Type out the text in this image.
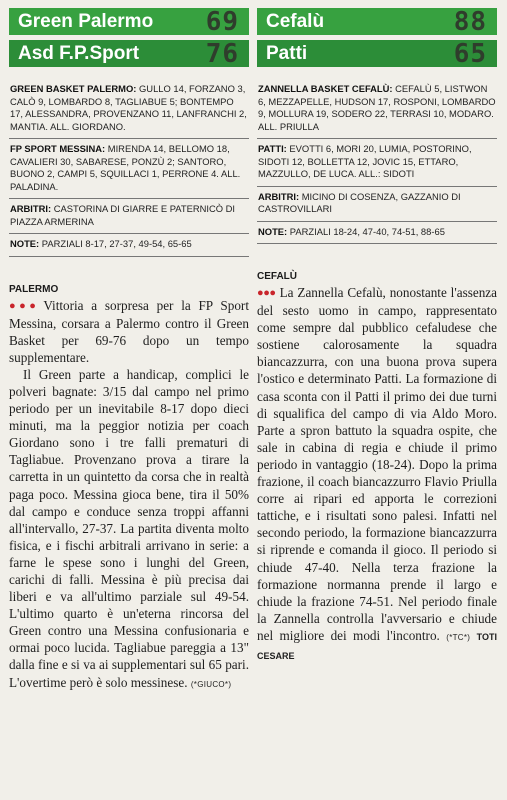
Green Palermo 69
Asd F.P.Sport	76
GREEN BASKET PALERMO: GULLO 14, FORZANO 3, CALÒ 9, LOMBARDO 8, TAGLIABUE 5; BONTEMPO 17, ALESSANDRA, PROVENZANO 11, LANFRANCHI 2, MANTIA. ALL. GIORDANO.
FP SPORT MESSINA: MIRENDA 14, BELLOMO 18, CAVALIERI 30, SABARESE, PONZÙ 2; SANTORO, BUONO 2, CAMPI 5, SQUILLACI 1, PERRONE 4. ALL. PALADINA.
ARBITRI: CASTORINA DI GIARRE E PATERNICÒ DI PIAZZA ARMERINA
NOTE: PARZIALI 8-17, 27-37, 49-54, 65-65
PALERMO

●●● Vittoria a sorpresa per la FP Sport Messina, corsara a Palermo contro il Green Basket per 69-76 dopo un tempo supplementare.

Il Green parte a handicap, complici le polveri bagnate: 3/15 dal campo nel primo periodo per un inevitabile 8-17 dopo dieci minuti, ma la peggior notizia per coach Giordano sono i tre falli prematuri di Tagliabue. Provenzano prova a tirare la carretta in un quintetto da corsa che in realtà paga poco. Messina gioca bene, tira il 50% dal campo e conduce senza troppi affanni all'intervallo, 27-37. La partita diventa molto fisica, e i fischi arbitrali arrivano in serie: a farne le spese sono i lunghi del Green, carichi di falli. Messina è più precisa dai liberi e va all'ultimo parziale sul 49-54. L'ultimo quarto è un'eterna rincorsa del Green contro una Messina confusionaria e ormai poco lucida. Tagliabue pareggia a 13" dalla fine e si va ai supplementari sul 65 pari. L'overtime però è solo messinese. (*GIUCO*)

Cefalù	88
Patti	65
ZANNELLA BASKET CEFALÙ: CEFALÙ 5, LISTWON 6, MEZZAPELLE, HUDSON 17, ROSPONI, LOMBARDO 9, MOLLURA 19, SODERO 22, TERRASI 10, MODARO. ALL. PRIULLA
PATTI: EVOTTI 6, MORI 20, LUMIA, POSTORINO, SIDOTI 12, BOLLETTA 12, JOVIC 15, ETTARO, MAZZULLO, DE LUCA. ALL.: SIDOTI
ARBITRI: MICINO DI COSENZA, GAZZANIO DI CASTROVILLARI
NOTE: PARZIALI 18-24, 47-40, 74-51, 88-65
CEFALÙ

●●● La Zannella Cefalù, nonostante l'assenza del sesto uomo in campo, rappresentato come sempre dal pubblico cefaludese che sostiene calorosamente la squadra biancazzurra, con una buona prova supera l'ostico e determinato Patti. La formazione di casa sconta con il Patti il primo dei due turni di squalifica del campo di via Aldo Moro. Parte a spron battuto la squadra ospite, che sale in cabina di regia e chiude il primo periodo in vantaggio (18-24). Dopo la prima frazione, il coach biancazzurro Flavio Priulla corre ai ripari ed apporta le correzioni tattiche, e i risultati sono palesi. Infatti nel secondo periodo, la formazione biancazzurra si riprende e comanda il gioco. Il periodo si chiude 47-40. Nella terza frazione la formazione normanna prende il largo e chiude la frazione 74-51. Nel periodo finale la Zannella controlla l'avversario e chiude nel migliore dei modi l'incontro. (*TC*) TOTI CESARE
